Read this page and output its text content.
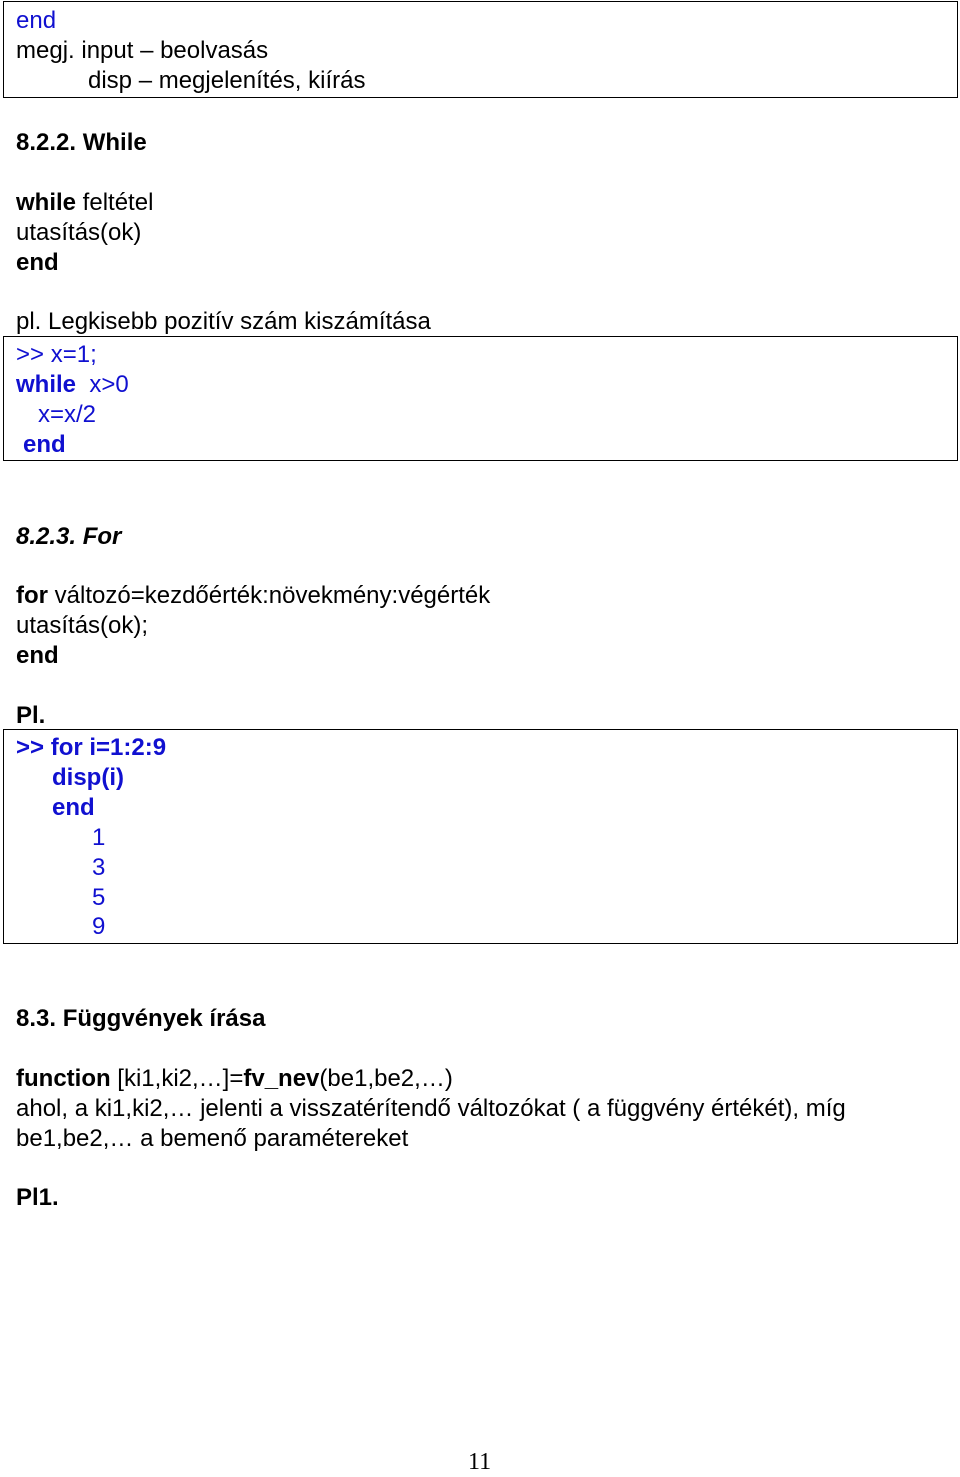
end
megj. input – beolvasás
disp – megjelenítés, kiírás
8.2.2. While
while feltétel
utasítás(ok)
end
pl. Legkisebb pozitív szám kiszámítása
>> x=1;
while  x>0
x=x/2
end
8.2.3. For
for változó=kezdőérték:növekmény:végérték
utasítás(ok);
end
Pl.
>> for i=1:2:9
disp(i)
end
1
3
5
9
8.3. Függvények írása
function [ki1,ki2,…]=fv_nev(be1,be2,…)
ahol, a ki1,ki2,… jelenti a visszatérítendő változókat ( a függvény értékét), míg
be1,be2,… a bemenő paramétereket
Pl1.
11
